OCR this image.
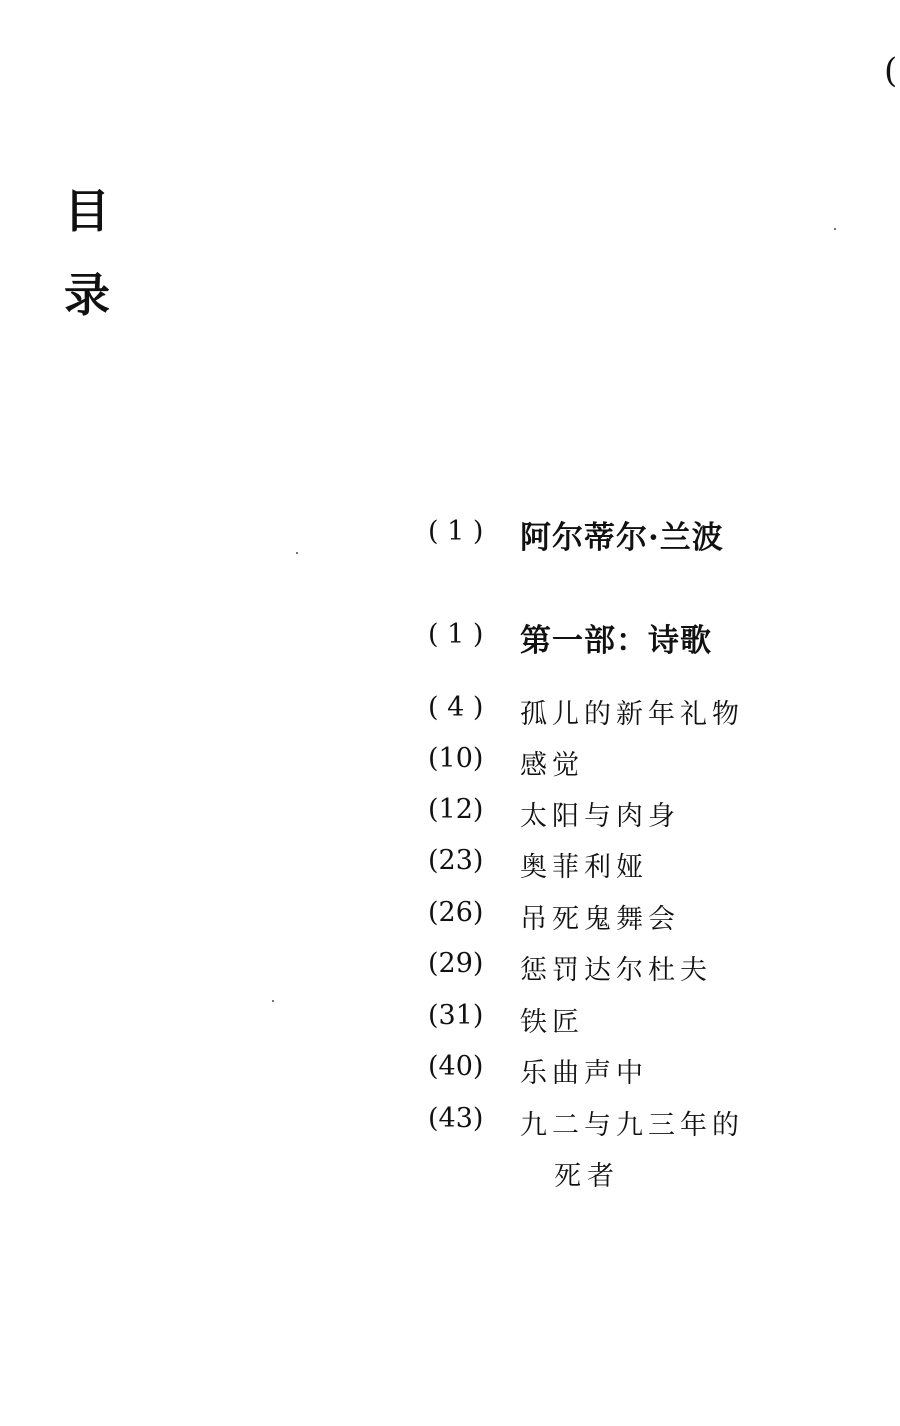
(
目
录
( 1 )	阿尔蒂尔·兰波
( 1 )	第一部：诗歌
( 4 )	孤儿的新年礼物
(10)	感觉
(12)	太阳与肉身
(23)	奥菲利娅
(26)	吊死鬼舞会
(29)	惩罚达尔杜夫
(31)	铁匠
(40)	乐曲声中
(43)	九二与九三年的
死者
